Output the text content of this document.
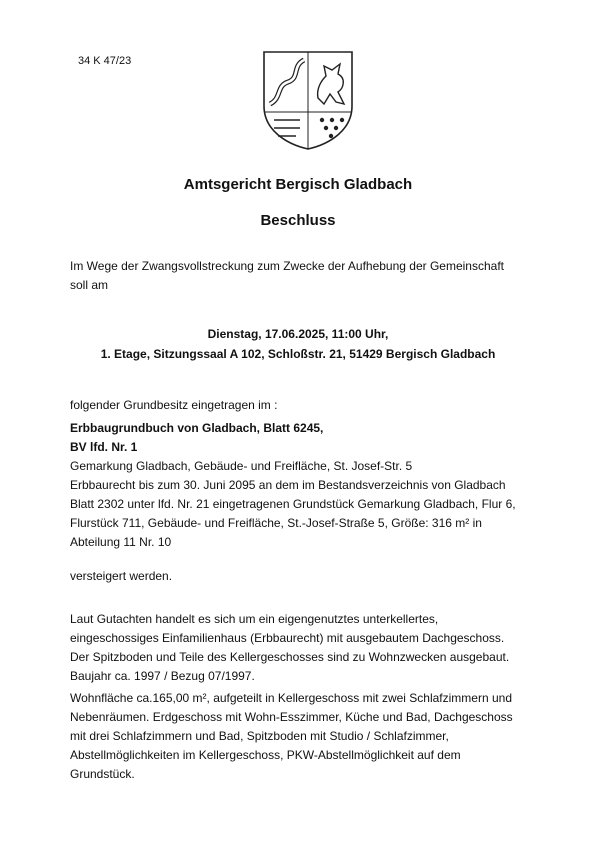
34 K 47/23
Amtsgericht Bergisch Gladbach
Beschluss
Im Wege der Zwangsvollstreckung zum Zwecke der Aufhebung der Gemeinschaft
soll am
Dienstag, 17.06.2025, 11:00 Uhr,
1. Etage, Sitzungssaal A 102, Schloßstr. 21, 51429 Bergisch Gladbach
folgender Grundbesitz eingetragen im :
Erbbaugrundbuch von Gladbach, Blatt 6245,
BV lfd. Nr. 1
Gemarkung Gladbach, Gebäude- und Freifläche, St. Josef-Str. 5
Erbbaurecht bis zum 30. Juni 2095 an dem im Bestandsverzeichnis von Gladbach
Blatt 2302 unter lfd. Nr. 21 eingetragenen Grundstück Gemarkung Gladbach, Flur 6,
Flurstück 711, Gebäude- und Freifläche, St.-Josef-Straße 5, Größe: 316 m² in
Abteilung 11 Nr. 10
versteigert werden.
Laut Gutachten handelt es sich um ein eigengenutztes unterkellertes,
eingeschossiges Einfamilienhaus (Erbbaurecht) mit ausgebautem Dachgeschoss.
Der Spitzboden und Teile des Kellergeschosses sind zu Wohnzwecken ausgebaut.
Baujahr ca. 1997 / Bezug 07/1997.
Wohnfläche ca.165,00 m², aufgeteilt in Kellergeschoss mit zwei Schlafzimmern und
Nebenräumen. Erdgeschoss mit Wohn-Esszimmer, Küche und Bad, Dachgeschoss
mit drei Schlafzimmern und Bad, Spitzboden mit Studio / Schlafzimmer,
Abstellmöglichkeiten im Kellergeschoss, PKW-Abstellmöglichkeit auf dem
Grundstück.
